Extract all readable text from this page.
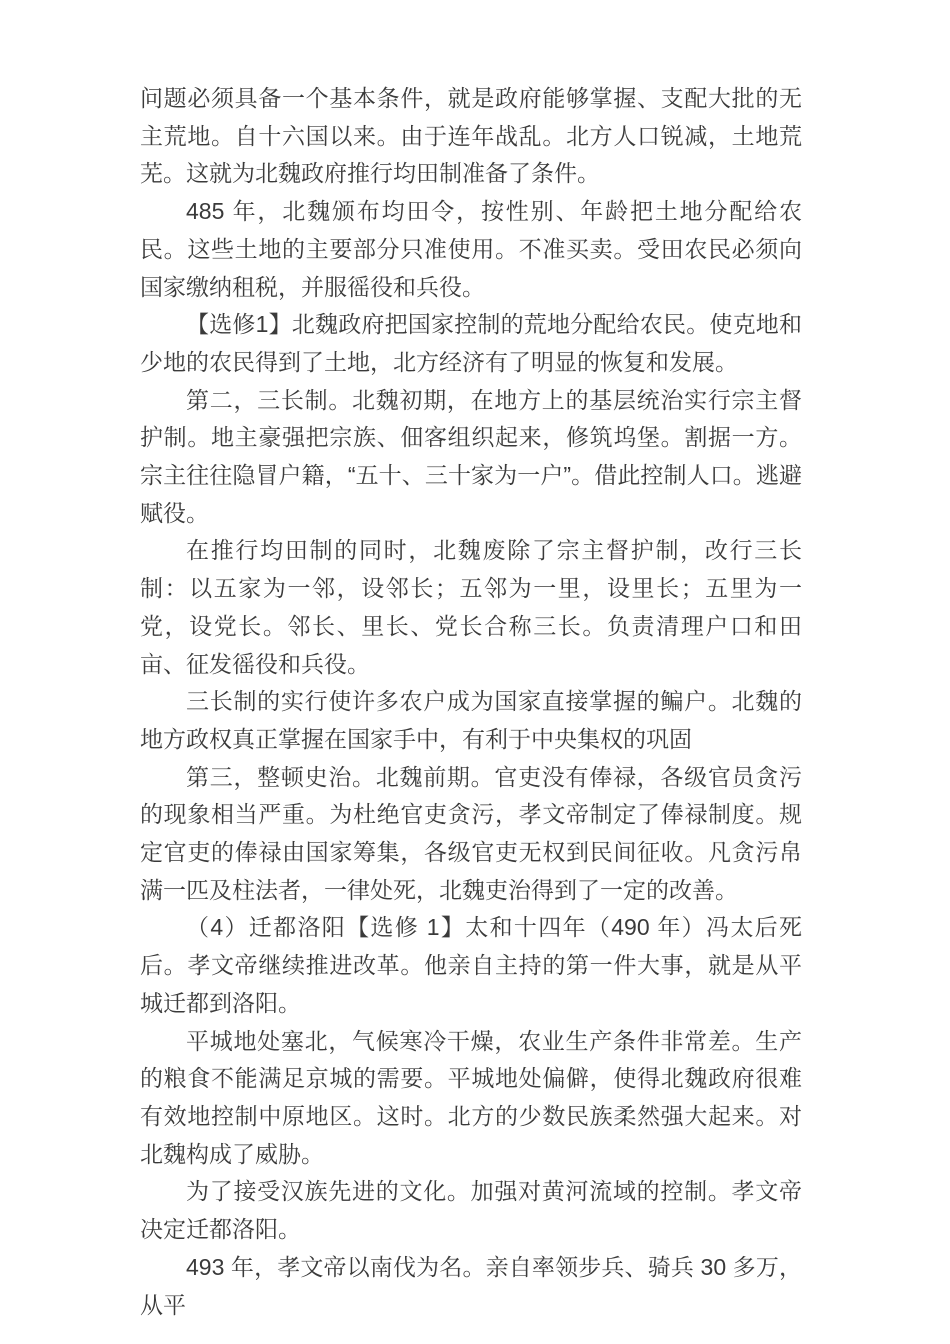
问题必须具备一个基本条件，就是政府能够掌握、支配大批的无主荒地。自十六国以来。由于连年战乱。北方人口锐减，土地荒芜。这就为北魏政府推行均田制准备了条件。

485 年，北魏颁布均田令，按性别、年龄把土地分配给农民。这些土地的主要部分只准使用。不准买卖。受田农民必须向国家缴纳租税，并服徭役和兵役。

【选修1】北魏政府把国家控制的荒地分配给农民。使克地和少地的农民得到了土地，北方经济有了明显的恢复和发展。

第二，三长制。北魏初期，在地方上的基层统治实行宗主督护制。地主豪强把宗族、佃客组织起来，修筑坞堡。割据一方。宗主往往隐冒户籍，“五十、三十家为一户”。借此控制人口。逃避赋役。

在推行均田制的同时，北魏废除了宗主督护制，改行三长制：以五家为一邻，设邻长；五邻为一里，设里长；五里为一党，设党长。邻长、里长、党长合称三长。负责清理户口和田亩、征发徭役和兵役。

三长制的实行使许多农户成为国家直接掌握的鳊户。北魏的地方政权真正掌握在国家手中，有利于中央集权的巩固

第三，整顿史治。北魏前期。官吏没有俸禄，各级官员贪污的现象相当严重。为杜绝官吏贪污，孝文帝制定了俸禄制度。规定官吏的俸禄由国家筹集，各级官吏无权到民间征收。凡贪污帛满一匹及柱法者，一律处死，北魏吏治得到了一定的改善。

（4）迁都洛阳【选修 1】太和十四年（490 年）冯太后死后。孝文帝继续推进改革。他亲自主持的第一件大事，就是从平城迁都到洛阳。

平城地处塞北，气候寒冷干燥，农业生产条件非常差。生产的粮食不能满足京城的需要。平城地处偏僻，使得北魏政府很难有效地控制中原地区。这时。北方的少数民族柔然强大起来。对北魏构成了威胁。

为了接受汉族先进的文化。加强对黄河流域的控制。孝文帝决定迁都洛阳。

493 年，孝文帝以南伐为名。亲自率领步兵、骑兵 30 多万，从平
